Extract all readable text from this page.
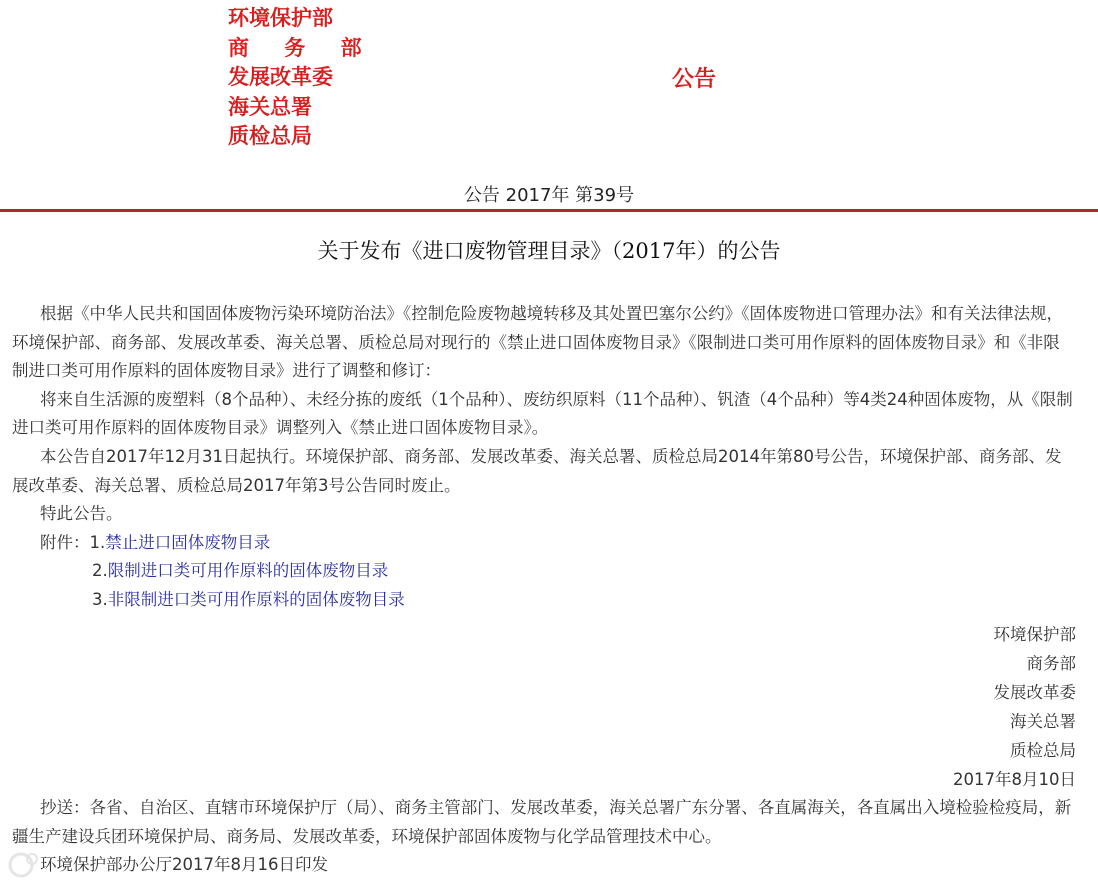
环境保护部
商 务 部
发展改革委
海关总署
质检总局
公告
公告 2017年 第39号
关于发布《进口废物管理目录》（2017年）的公告

根据《中华人民共和国固体废物污染环境防治法》《控制危险废物越境转移及其处置巴塞尔公约》《固体废物进口管理办法》和有关法律法规，环境保护部、商务部、发展改革委、海关总署、质检总局对现行的《禁止进口固体废物目录》《限制进口类可用作原料的固体废物目录》和《非限制进口类可用作原料的固体废物目录》进行了调整和修订：

将来自生活源的废塑料（8个品种）、未经分拣的废纸（1个品种）、废纺织原料（11个品种）、钒渣（4个品种）等4类24种固体废物，从《限制进口类可用作原料的固体废物目录》调整列入《禁止进口固体废物目录》。

本公告自2017年12月31日起执行。环境保护部、商务部、发展改革委、海关总署、质检总局2014年第80号公告，环境保护部、商务部、发展改革委、海关总署、质检总局2017年第3号公告同时废止。

特此公告。

附件：1.禁止进口固体废物目录

2.限制进口类可用作原料的固体废物目录

3.非限制进口类可用作原料的固体废物目录

环境保护部
商务部
发展改革委
海关总署
质检总局
2017年8月10日

抄送：各省、自治区、直辖市环境保护厅（局）、商务主管部门、发展改革委，海关总署广东分署、各直属海关，各直属出入境检验检疫局，新疆生产建设兵团环境保护局、商务局、发展改革委，环境保护部固体废物与化学品管理技术中心。

环境保护部办公厅2017年8月16日印发
